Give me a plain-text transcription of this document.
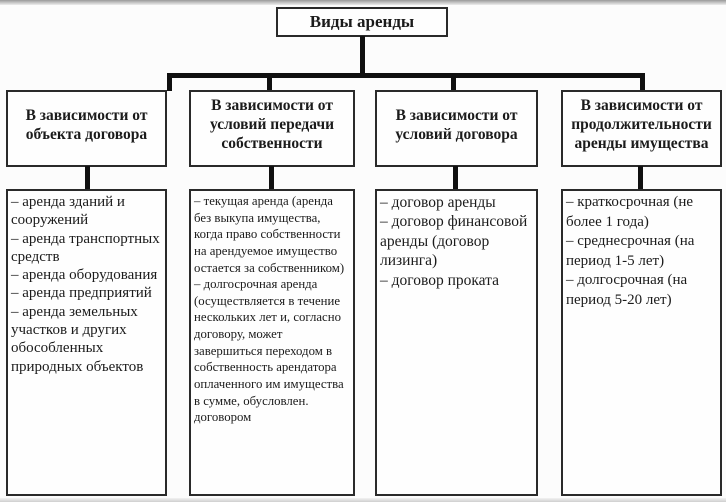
Виды аренды
В зависимости от объекта договора
В зависимости от условий передачи собственности
В зависимости от условий договора
В зависимости от продолжительности аренды имущества
– аренда зданий и сооружений
– аренда транспортных средств
– аренда оборудования
– аренда предприятий
– аренда земельных участков и других обособленных природных объектов
– текущая аренда (аренда без выкупа имущества, когда право собственности на арендуемое имущество остается за собственником)
– долгосрочная аренда (осуществляется в течение нескольких лет и, согласно договору, может завершиться переходом в собственность арендатора оплаченного им имущества в сумме, обусловлен. договором
– договор аренды
– договор финансовой аренды (договор лизинга)
– договор проката
– краткосрочная (не более 1 года)
– среднесрочная (на период 1-5 лет)
– долгосрочная (на период 5-20 лет)
